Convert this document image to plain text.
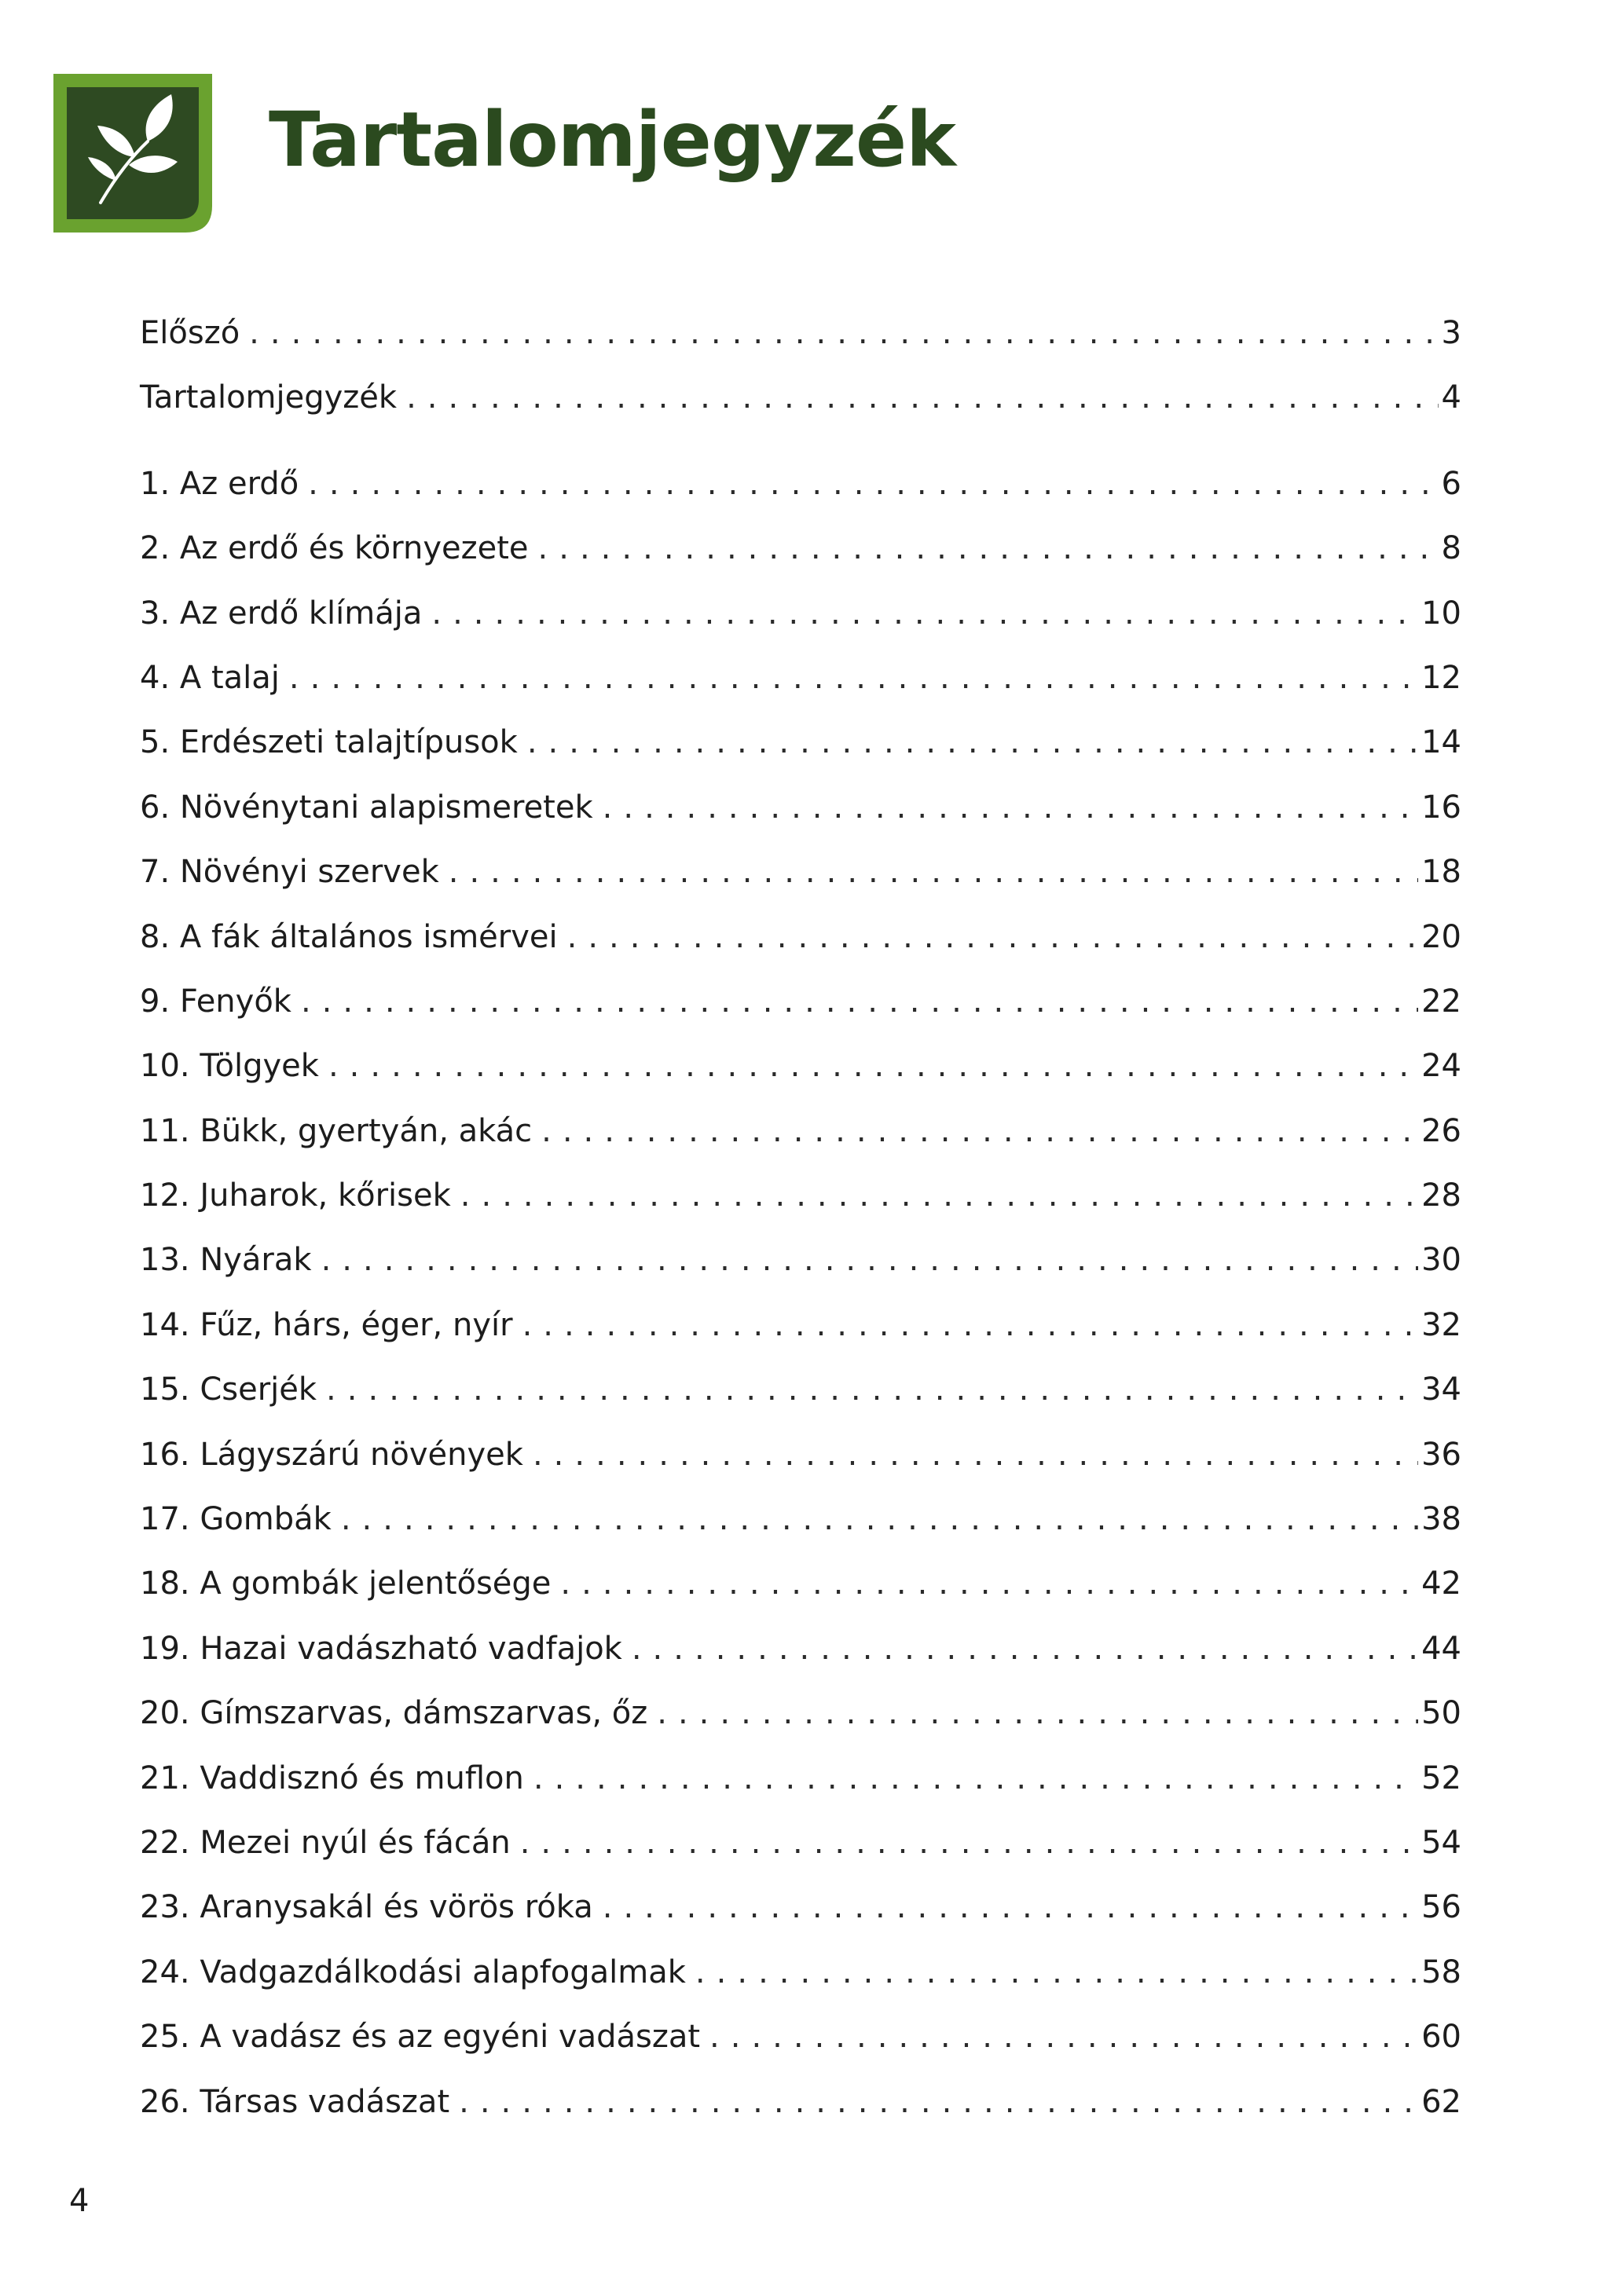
Tartalomjegyzék
Előszó .....	3
Tartalomjegyzék .....	4
1. Az erdő .....	6
2. Az erdő és környezete .....	8
3. Az erdő klímája .....	10
4. A talaj .....	12
5. Erdészeti talajtípusok .....	14
6. Növénytani alapismeretek .....	16
7. Növényi szervek .....	18
8. A fák általános ismérvei .....	20
9. Fenyők .....	22
10. Tölgyek .....	24
11. Bükk, gyertyán, akác .....	26
12. Juharok, kőrisek .....	28
13. Nyárak .....	30
14. Fűz, hárs, éger, nyír .....	32
15. Cserjék .....	34
16. Lágyszárú növények .....	36
17. Gombák .....	38
18. A gombák jelentősége .....	42
19. Hazai vadászható vadfajok .....	44
20. Gímszarvas, dámszarvas, őz .....	50
21. Vaddisznó és muflon .....	52
22. Mezei nyúl és fácán .....	54
23. Aranysakál és vörös róka .....	56
24. Vadgazdálkodási alapfogalmak .....	58
25. A vadász és az egyéni vadászat .....	60
26. Társas vadászat .....	62
4
